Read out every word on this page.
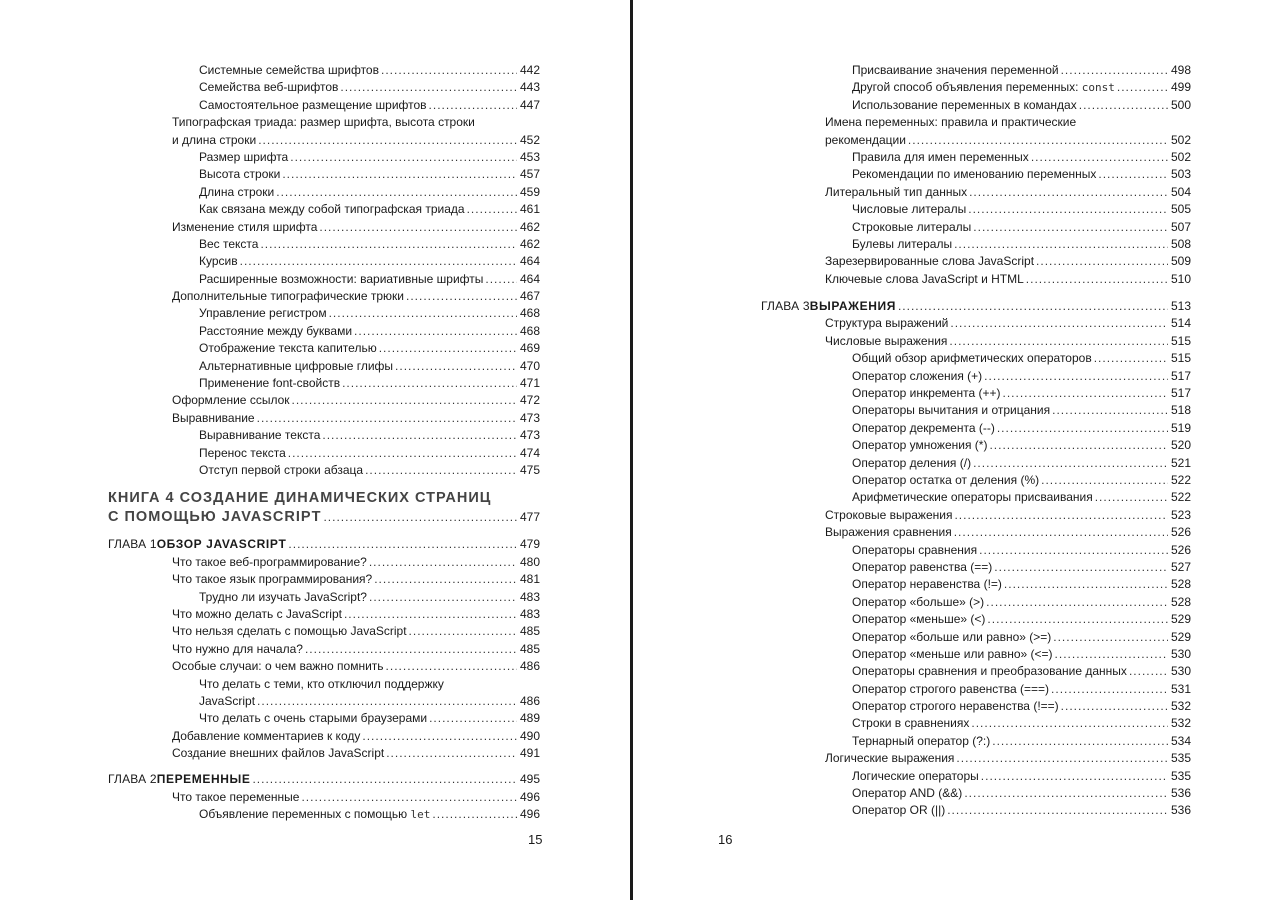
Системные семейства шрифтов .....	442
Семейства веб-шрифтов .....	443
Самостоятельное размещение шрифтов .....	447
Типографская триада: размер шрифта, высота строки
и длина строки .....	452
Размер шрифта .....	453
Высота строки .....	457
Длина строки .....	459
Как связана между собой типографская триада .....	461
Изменение стиля шрифта .....	462
Вес текста .....	462
Курсив .....	464
Расширенные возможности: вариативные шрифты .....	464
Дополнительные типографические трюки .....	467
Управление регистром .....	468
Расстояние между буквами .....	468
Отображение текста капителью .....	469
Альтернативные цифровые глифы .....	470
Применение font-свойств .....	471
Оформление ссылок .....	472
Выравнивание .....	473
Выравнивание текста .....	473
Перенос текста .....	474
Отступ первой строки абзаца .....	475
КНИГА 4 СОЗДАНИЕ ДИНАМИЧЕСКИХ СТРАНИЦ
С ПОМОЩЬЮ JAVASCRIPT .....	477
ГЛАВА 1 ОБЗОР JAVASCRIPT .....	479
Что такое веб-программирование? .....	480
Что такое язык программирования? .....	481
Трудно ли изучать JavaScript? .....	483
Что можно делать с JavaScript .....	483
Что нельзя сделать с помощью JavaScript .....	485
Что нужно для начала? .....	485
Особые случаи: о чем важно помнить .....	486
Что делать с теми, кто отключил поддержку
JavaScript .....	486
Что делать с очень старыми браузерами .....	489
Добавление комментариев к коду .....	490
Создание внешних файлов JavaScript .....	491
ГЛАВА 2 ПЕРЕМЕННЫЕ .....	495
Что такое переменные .....	496
Объявление переменных с помощью let .....	496
15
Присваивание значения переменной .....	498
Другой способ объявления переменных: const .....	499
Использование переменных в командах .....	500
Имена переменных: правила и практические
рекомендации .....	502
Правила для имен переменных .....	502
Рекомендации по именованию переменных .....	503
Литеральный тип данных .....	504
Числовые литералы .....	505
Строковые литералы .....	507
Булевы литералы .....	508
Зарезервированные слова JavaScript .....	509
Ключевые слова JavaScript и HTML .....	510
ГЛАВА 3 ВЫРАЖЕНИЯ .....	513
Структура выражений .....	514
Числовые выражения .....	515
Общий обзор арифметических операторов .....	515
Оператор сложения (+) .....	517
Оператор инкремента (++) .....	517
Операторы вычитания и отрицания .....	518
Оператор декремента (--) .....	519
Оператор умножения (*) .....	520
Оператор деления (/) .....	521
Оператор остатка от деления (%) .....	522
Арифметические операторы присваивания .....	522
Строковые выражения .....	523
Выражения сравнения .....	526
Операторы сравнения .....	526
Оператор равенства (==) .....	527
Оператор неравенства (!=) .....	528
Оператор «больше» (>) .....	528
Оператор «меньше» (<) .....	529
Оператор «больше или равно» (>=) .....	529
Оператор «меньше или равно» (<=) .....	530
Операторы сравнения и преобразование данных .....	530
Оператор строгого равенства (===) .....	531
Оператор строгого неравенства (!==) .....	532
Строки в сравнениях .....	532
Тернарный оператор (?:) .....	534
Логические выражения .....	535
Логические операторы .....	535
Оператор AND (&&) .....	536
Оператор OR (||) .....	536
16
